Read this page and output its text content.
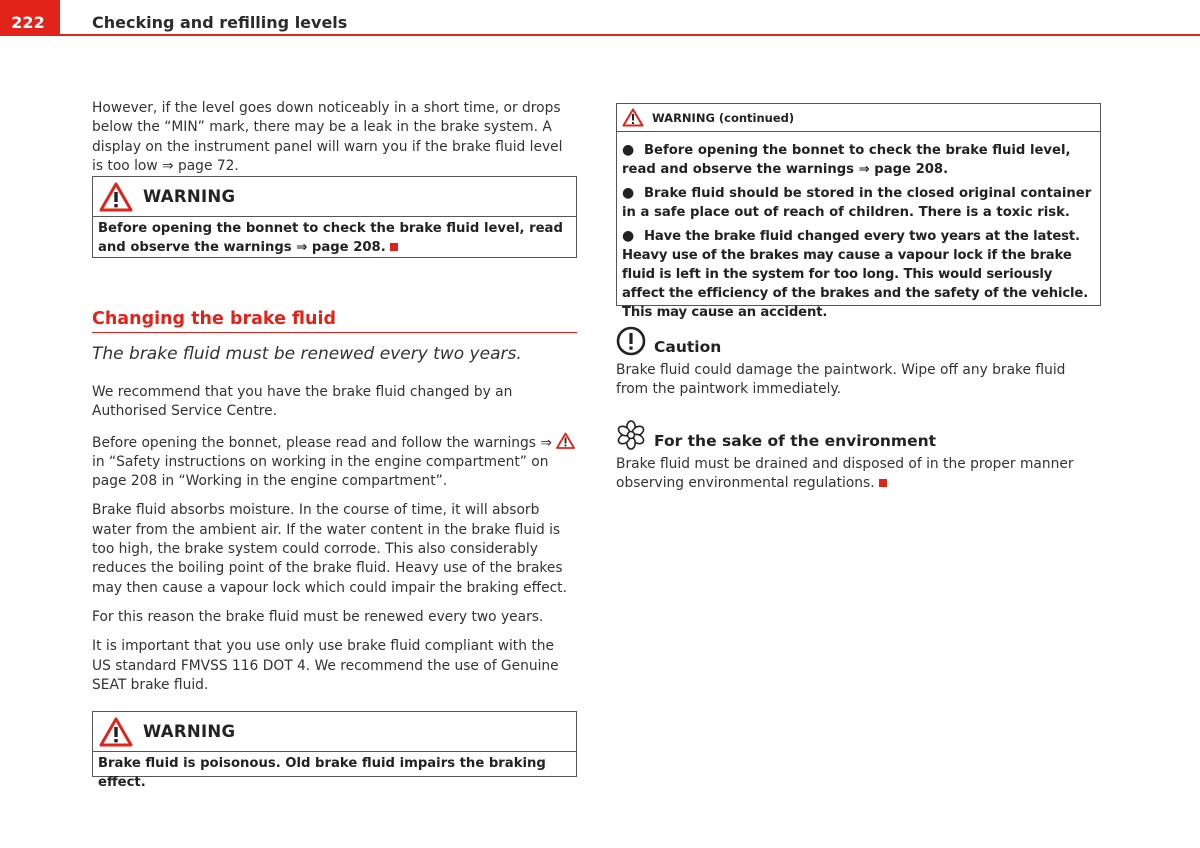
222	Checking and refilling levels

However, if the level goes down noticeably in a short time, or drops below the “MIN” mark, there may be a leak in the brake system. A display on the instrument panel will warn you if the brake fluid level is too low ⇒ page 72.

WARNING
Before opening the bonnet to check the brake fluid level, read and observe the warnings ⇒ page 208.
Changing the brake fluid
The brake fluid must be renewed every two years.

We recommend that you have the brake fluid changed by an Authorised Service Centre.

Before opening the bonnet, please read and follow the warnings ⇒  in “Safety instructions on working in the engine compartment” on page 208 in “Working in the engine compartment”.

Brake fluid absorbs moisture. In the course of time, it will absorb water from the ambient air. If the water content in the brake fluid is too high, the brake system could corrode. This also considerably reduces the boiling point of the brake fluid. Heavy use of the brakes may then cause a vapour lock which could impair the braking effect.

For this reason the brake fluid must be renewed every two years.

It is important that you use only use brake fluid compliant with the US standard FMVSS 116 DOT 4. We recommend the use of Genuine SEAT brake fluid.

WARNING
Brake fluid is poisonous. Old brake fluid impairs the braking effect.
WARNING (continued)
● Before opening the bonnet to check the brake fluid level, read and observe the warnings ⇒ page 208.
● Brake fluid should be stored in the closed original container in a safe place out of reach of children. There is a toxic risk.
● Have the brake fluid changed every two years at the latest. Heavy use of the brakes may cause a vapour lock if the brake fluid is left in the system for too long. This would seriously affect the efficiency of the brakes and the safety of the vehicle. This may cause an accident.
Caution

Brake fluid could damage the paintwork. Wipe off any brake fluid from the paintwork immediately.

For the sake of the environment

Brake fluid must be drained and disposed of in the proper manner observing environmental regulations.
